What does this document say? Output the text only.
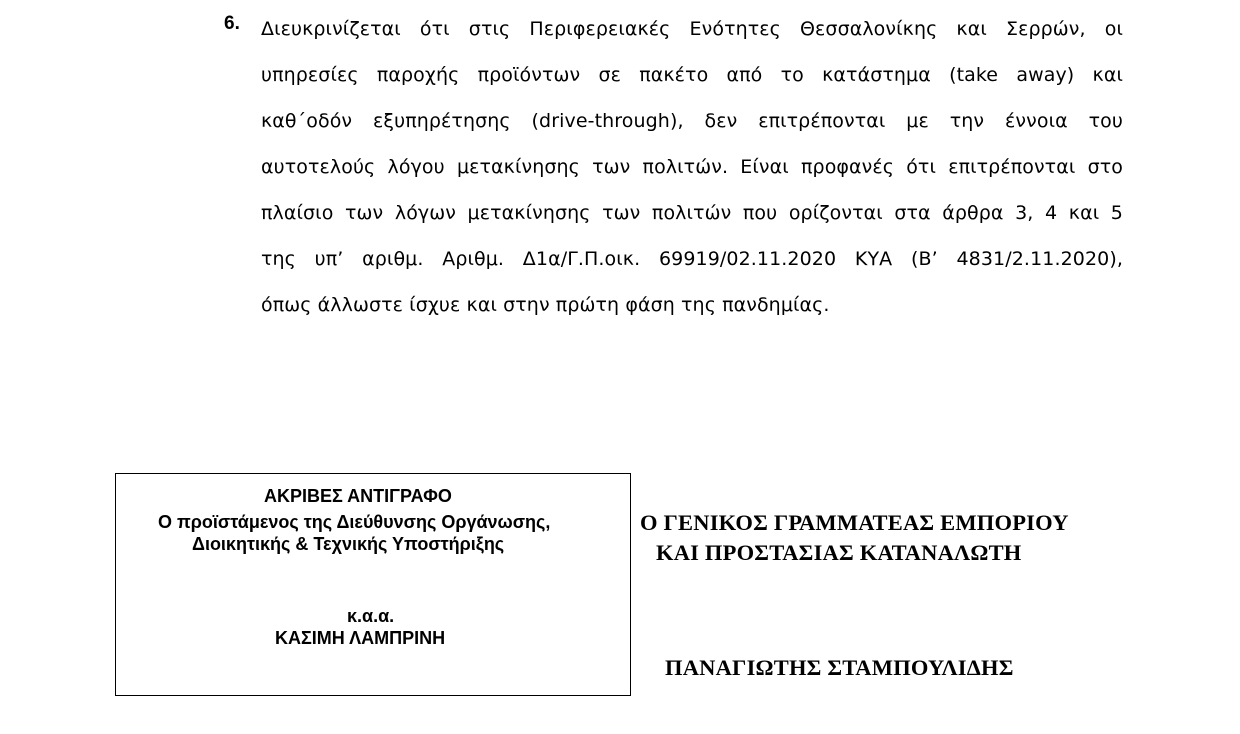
6. Διευκρινίζεται ότι στις Περιφερειακές Ενότητες Θεσσαλονίκης και Σερρών, οι
υπηρεσίες παροχής προϊόντων σε πακέτο από το κατάστημα (take away) και
καθ΄οδόν εξυπηρέτησης (drive-through), δεν επιτρέπονται με την έννοια του
αυτοτελούς λόγου μετακίνησης των πολιτών. Είναι προφανές ότι επιτρέπονται στο
πλαίσιο των λόγων μετακίνησης των πολιτών που ορίζονται στα άρθρα 3, 4 και 5
της υπ’ αριθμ. Αριθμ. Δ1α/Γ.Π.οικ. 69919/02.11.2020 ΚΥΑ (Β’ 4831/2.11.2020),
όπως άλλωστε ίσχυε και στην πρώτη φάση της πανδημίας.
ΑΚΡΙΒΕΣ ΑΝΤΙΓΡΑΦΟ
Ο προϊστάμενος της Διεύθυνσης Οργάνωσης,
Διοικητικής & Τεχνικής Υποστήριξης
κ.α.α.
ΚΑΣΙΜΗ ΛΑΜΠΡΙΝΗ
Ο ΓΕΝΙΚΟΣ ΓΡΑΜΜΑΤΕΑΣ ΕΜΠΟΡΙΟΥ
ΚΑΙ ΠΡΟΣΤΑΣΙΑΣ ΚΑΤΑΝΑΛΩΤΗ
ΠΑΝΑΓΙΩΤΗΣ ΣΤΑΜΠΟΥΛΙΔΗΣ
